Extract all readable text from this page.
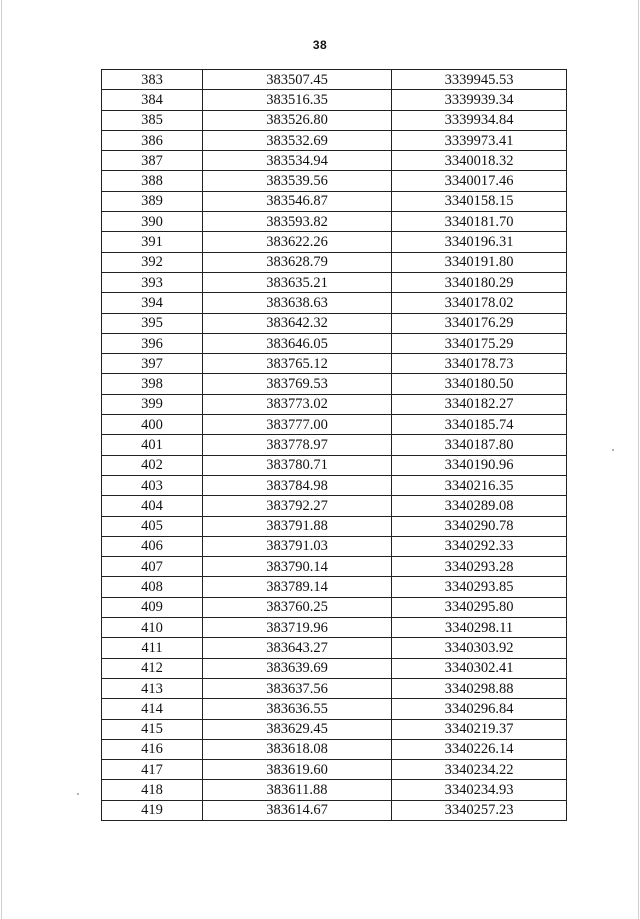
38
383	383507.45	3339945.53
384	383516.35	3339939.34
385	383526.80	3339934.84
386	383532.69	3339973.41
387	383534.94	3340018.32
388	383539.56	3340017.46
389	383546.87	3340158.15
390	383593.82	3340181.70
391	383622.26	3340196.31
392	383628.79	3340191.80
393	383635.21	3340180.29
394	383638.63	3340178.02
395	383642.32	3340176.29
396	383646.05	3340175.29
397	383765.12	3340178.73
398	383769.53	3340180.50
399	383773.02	3340182.27
400	383777.00	3340185.74
401	383778.97	3340187.80
402	383780.71	3340190.96
403	383784.98	3340216.35
404	383792.27	3340289.08
405	383791.88	3340290.78
406	383791.03	3340292.33
407	383790.14	3340293.28
408	383789.14	3340293.85
409	383760.25	3340295.80
410	383719.96	3340298.11
411	383643.27	3340303.92
412	383639.69	3340302.41
413	383637.56	3340298.88
414	383636.55	3340296.84
415	383629.45	3340219.37
416	383618.08	3340226.14
417	383619.60	3340234.22
418	383611.88	3340234.93
419	383614.67	3340257.23
